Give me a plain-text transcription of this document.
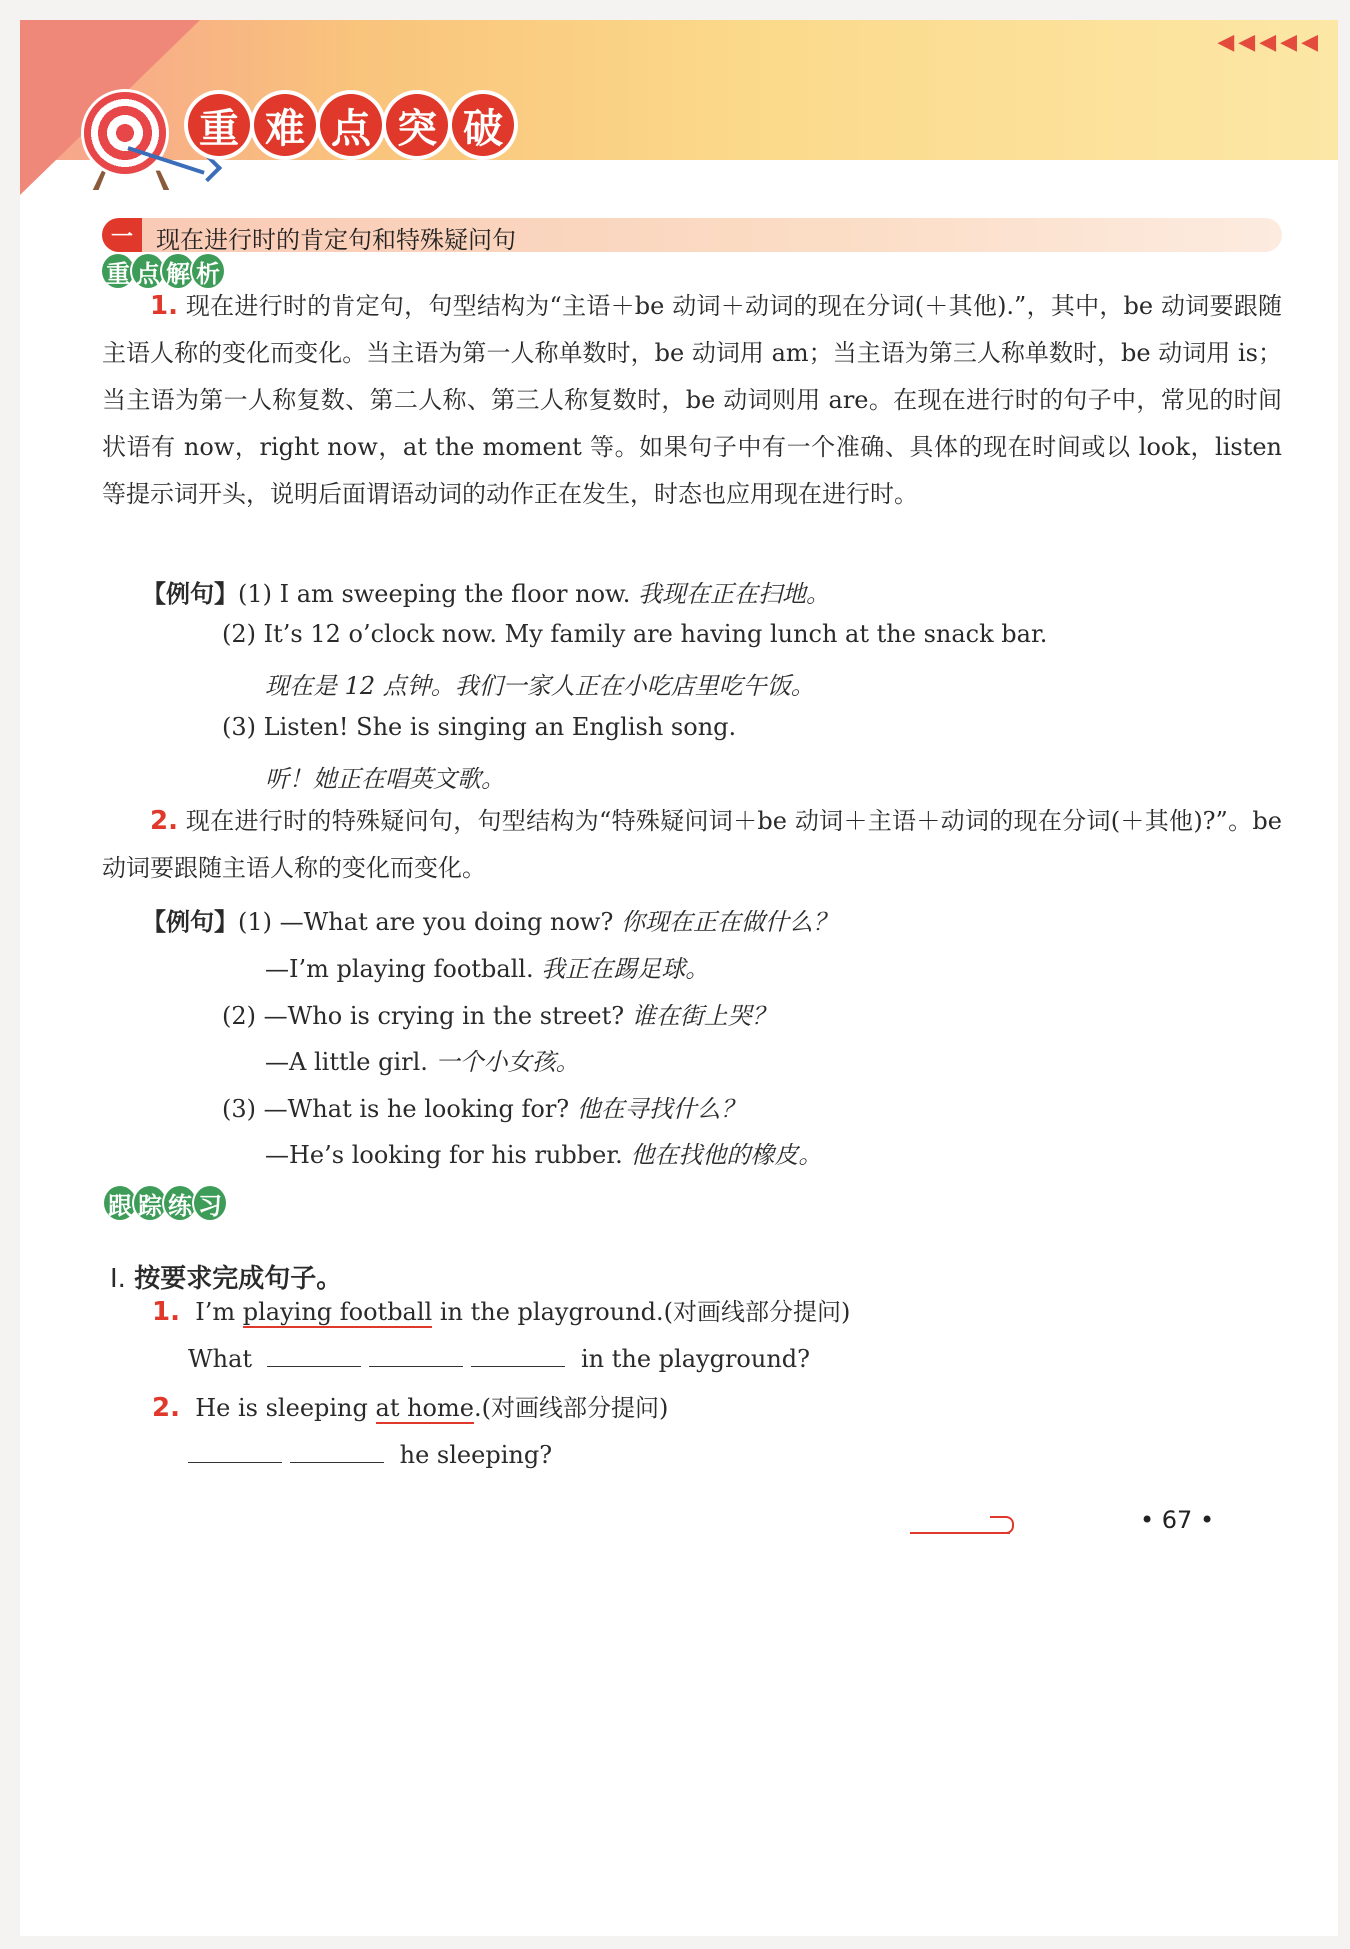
◀◀◀◀◀
重 难 点 突 破
一 现在进行时的肯定句和特殊疑问句
重 点 解 析
1. 现在进行时的肯定句，句型结构为“主语＋be 动词＋动词的现在分词(＋其他).”，其中，be 动词要跟随主语人称的变化而变化。当主语为第一人称单数时，be 动词用 am；当主语为第三人称单数时，be 动词用 is；当主语为第一人称复数、第二人称、第三人称复数时，be 动词则用 are。在现在进行时的句子中，常见的时间状语有 now，right now，at the moment 等。如果句子中有一个准确、具体的现在时间或以 look，listen 等提示词开头，说明后面谓语动词的动作正在发生，时态也应用现在进行时。
【例句】(1) I am sweeping the floor now. 我现在正在扫地。
(2) It’s 12 o’clock now. My family are having lunch at the snack bar.
现在是 12 点钟。我们一家人正在小吃店里吃午饭。
(3) Listen! She is singing an English song.
听！她正在唱英文歌。
2. 现在进行时的特殊疑问句，句型结构为“特殊疑问词＋be 动词＋主语＋动词的现在分词(＋其他)?”。be 动词要跟随主语人称的变化而变化。
【例句】(1) —What are you doing now? 你现在正在做什么？
—I’m playing football. 我正在踢足球。
(2) —Who is crying in the street? 谁在街上哭？
—A little girl. 一个小女孩。
(3) —What is he looking for? 他在寻找什么？
—He’s looking for his rubber. 他在找他的橡皮。
跟 踪 练 习
Ⅰ. 按要求完成句子。
1. I’m playing football in the playground.(对画线部分提问)
What	in the playground?
2. He is sleeping at home.(对画线部分提问)
he sleeping?
• 67 •
